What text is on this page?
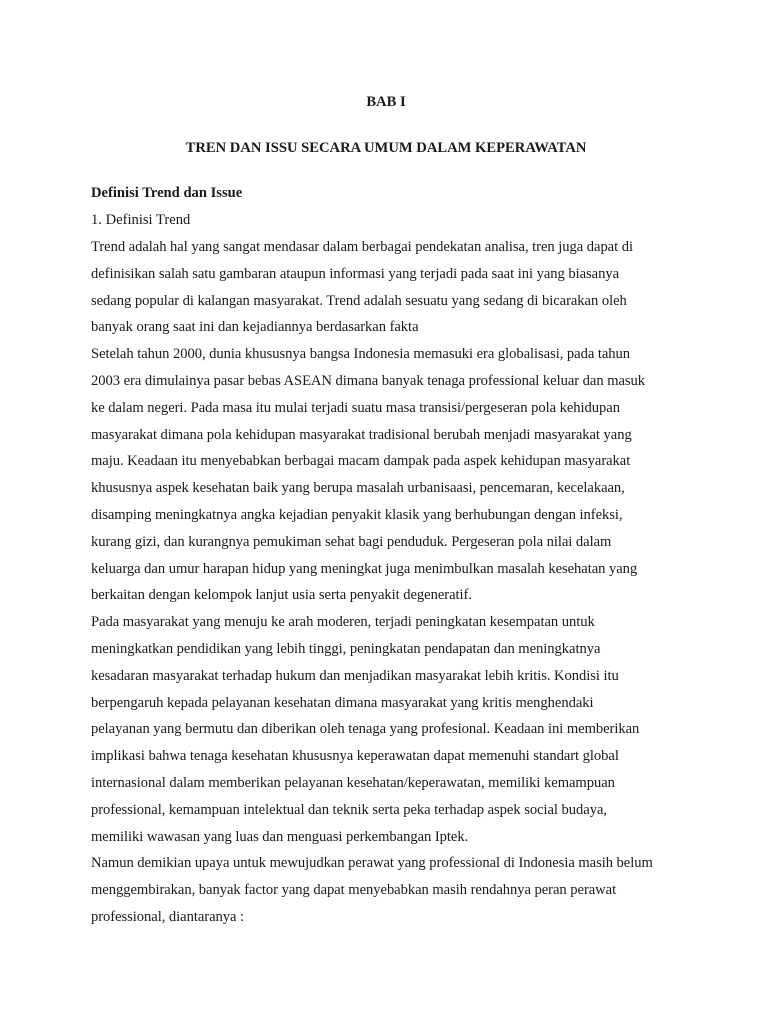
BAB I
TREN DAN ISSU SECARA UMUM DALAM KEPERAWATAN
Definisi Trend dan Issue
1. Definisi Trend
Trend adalah hal yang sangat mendasar dalam berbagai pendekatan analisa, tren juga dapat di
definisikan salah satu gambaran ataupun informasi yang terjadi pada saat ini yang biasanya
sedang popular di kalangan masyarakat. Trend adalah sesuatu yang sedang di bicarakan oleh
banyak orang saat ini dan kejadiannya berdasarkan fakta
Setelah tahun 2000, dunia khususnya bangsa Indonesia memasuki era globalisasi, pada tahun
2003 era dimulainya pasar bebas ASEAN dimana banyak tenaga professional keluar dan masuk
ke dalam negeri. Pada masa itu mulai terjadi suatu masa transisi/pergeseran pola kehidupan
masyarakat dimana pola kehidupan masyarakat tradisional berubah menjadi masyarakat yang
maju. Keadaan itu menyebabkan berbagai macam dampak pada aspek kehidupan masyarakat
khususnya aspek kesehatan baik yang berupa masalah urbanisaasi, pencemaran, kecelakaan,
disamping meningkatnya angka kejadian penyakit klasik yang berhubungan dengan infeksi,
kurang gizi, dan kurangnya pemukiman sehat bagi penduduk. Pergeseran pola nilai dalam
keluarga dan umur harapan hidup yang meningkat juga menimbulkan masalah kesehatan yang
berkaitan dengan kelompok lanjut usia serta penyakit degeneratif.
Pada masyarakat yang menuju ke arah moderen, terjadi peningkatan kesempatan untuk
meningkatkan pendidikan yang lebih tinggi, peningkatan pendapatan dan meningkatnya
kesadaran masyarakat terhadap hukum dan menjadikan masyarakat lebih kritis. Kondisi itu
berpengaruh kepada pelayanan kesehatan dimana masyarakat yang kritis menghendaki
pelayanan yang bermutu dan diberikan oleh tenaga yang profesional. Keadaan ini memberikan
implikasi bahwa tenaga kesehatan khususnya keperawatan dapat memenuhi standart global
internasional dalam memberikan pelayanan kesehatan/keperawatan, memiliki kemampuan
professional, kemampuan intelektual dan teknik serta peka terhadap aspek social budaya,
memiliki wawasan yang luas dan menguasi perkembangan Iptek.
Namun demikian upaya untuk mewujudkan perawat yang professional di Indonesia masih belum
menggembirakan, banyak factor yang dapat menyebabkan masih rendahnya peran perawat
professional, diantaranya :
